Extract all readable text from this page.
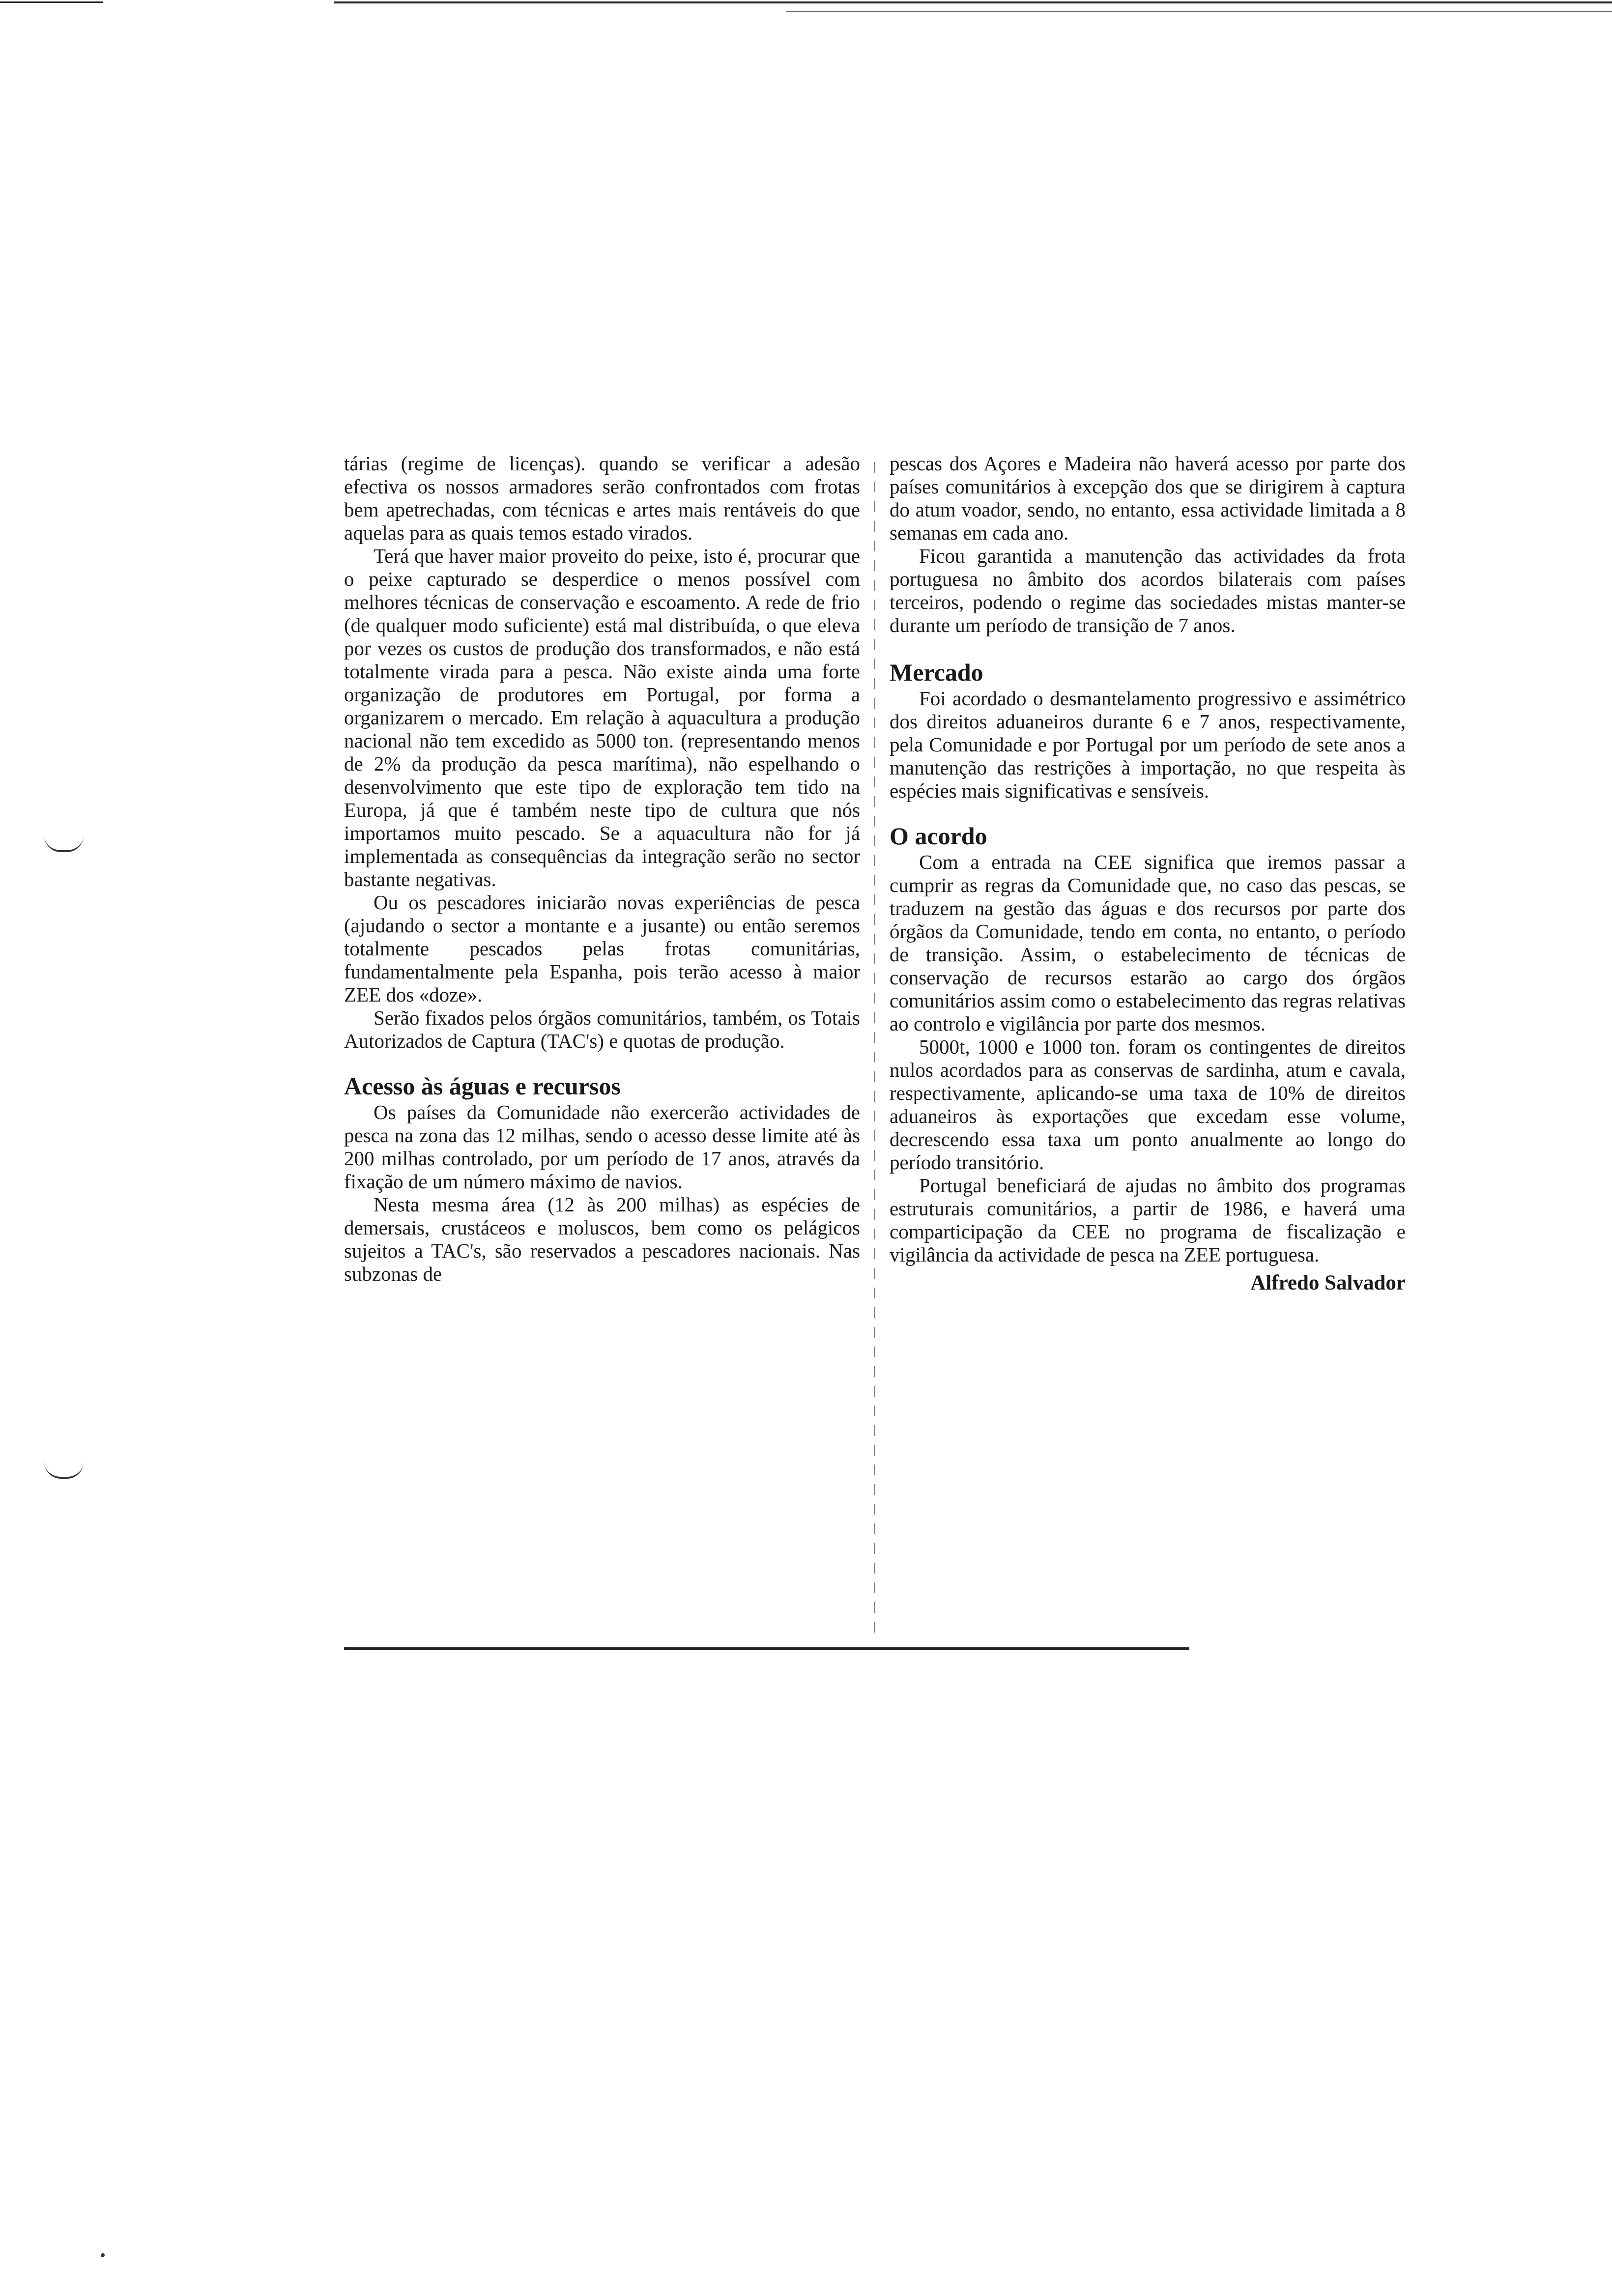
tárias (regime de licenças). quando se verificar a adesão efectiva os nossos armadores serão confrontados com frotas bem apetrechadas, com técnicas e artes mais rentáveis do que aquelas para as quais temos estado virados.

Terá que haver maior proveito do peixe, isto é, procurar que o peixe capturado se desperdice o menos possível com melhores técnicas de conservação e escoamento. A rede de frio (de qualquer modo suficiente) está mal distribuída, o que eleva por vezes os custos de produção dos transformados, e não está totalmente virada para a pesca. Não existe ainda uma forte organização de produtores em Portugal, por forma a organizarem o mercado. Em relação à aquacultura a produção nacional não tem excedido as 5000 ton. (representando menos de 2% da produção da pesca marítima), não espelhando o desenvolvimento que este tipo de exploração tem tido na Europa, já que é também neste tipo de cultura que nós importamos muito pescado. Se a aquacultura não for já implementada as consequências da integração serão no sector bastante negativas.

Ou os pescadores iniciarão novas experiências de pesca (ajudando o sector a montante e a jusante) ou então seremos totalmente pescados pelas frotas comunitárias, fundamentalmente pela Espanha, pois terão acesso à maior ZEE dos «doze».

Serão fixados pelos órgãos comunitários, também, os Totais Autorizados de Captura (TAC's) e quotas de produção.

Acesso às águas e recursos

Os países da Comunidade não exercerão actividades de pesca na zona das 12 milhas, sendo o acesso desse limite até às 200 milhas controlado, por um período de 17 anos, através da fixação de um número máximo de navios.

Nesta mesma área (12 às 200 milhas) as espécies de demersais, crustáceos e moluscos, bem como os pelágicos sujeitos a TAC's, são reservados a pescadores nacionais. Nas subzonas de

pescas dos Açores e Madeira não haverá acesso por parte dos países comunitários à excepção dos que se dirigirem à captura do atum voador, sendo, no entanto, essa actividade limitada a 8 semanas em cada ano.

Ficou garantida a manutenção das actividades da frota portuguesa no âmbito dos acordos bilaterais com países terceiros, podendo o regime das sociedades mistas manter-se durante um período de transição de 7 anos.

Mercado

Foi acordado o desmantelamento progressivo e assimétrico dos direitos aduaneiros durante 6 e 7 anos, respectivamente, pela Comunidade e por Portugal por um período de sete anos a manutenção das restrições à importação, no que respeita às espécies mais significativas e sensíveis.

O acordo

Com a entrada na CEE significa que iremos passar a cumprir as regras da Comunidade que, no caso das pescas, se traduzem na gestão das águas e dos recursos por parte dos órgãos da Comunidade, tendo em conta, no entanto, o período de transição. Assim, o estabelecimento de técnicas de conservação de recursos estarão ao cargo dos órgãos comunitários assim como o estabelecimento das regras relativas ao controlo e vigilância por parte dos mesmos.

5000t, 1000 e 1000 ton. foram os contingentes de direitos nulos acordados para as conservas de sardinha, atum e cavala, respectivamente, aplicando-se uma taxa de 10% de direitos aduaneiros às exportações que excedam esse volume, decrescendo essa taxa um ponto anualmente ao longo do período transitório.

Portugal beneficiará de ajudas no âmbito dos programas estruturais comunitários, a partir de 1986, e haverá uma comparticipação da CEE no programa de fiscalização e vigilância da actividade de pesca na ZEE portuguesa.

Alfredo Salvador
